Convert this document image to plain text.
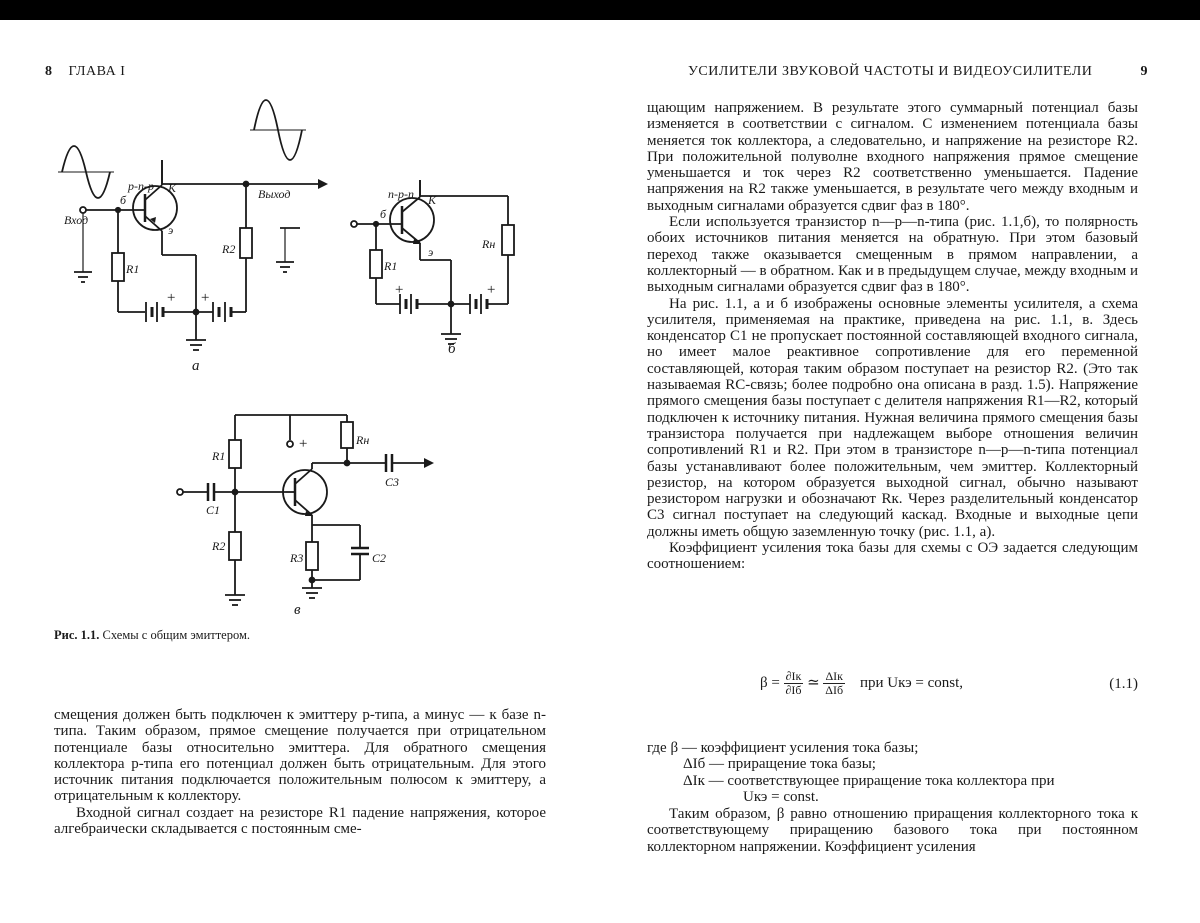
8 ГЛАВА I
p-n-p К
б
э
Вход
Выход
R1
R2
+ +
n-p-n К
б
э
R1
Rн
+	+
R1
R2
R3
Rн
C1
C2
C3
+
а
б
в
Рис. 1.1. Схемы с общим эмиттером.

смещения должен быть подключен к эмиттеру p-типа, а минус — к базе n-типа. Таким образом, прямое смещение получается при отрицательном потенциале базы относительно эмиттера. Для обратного смещения коллектора p-типа его потенциал должен быть отрицательным. Для этого источник питания подключается положительным полюсом к эмиттеру, а отрицательным к коллектору.

Входной сигнал создает на резисторе R1 падение напряжения, которое алгебраически складывается с постоянным сме-

УСИЛИТЕЛИ ЗВУКОВОЙ ЧАСТОТЫ И ВИДЕОУСИЛИТЕЛИ	9

щающим напряжением. В результате этого суммарный потенциал базы изменяется в соответствии с сигналом. С изменением потенциала базы меняется ток коллектора, а следовательно, и напряжение на резисторе R2. При положительной полуволне входного напряжения прямое смещение уменьшается и ток через R2 соответственно уменьшается. Падение напряжения на R2 также уменьшается, в результате чего между входным и выходным сигналами образуется сдвиг фаз в 180°.

Если используется транзистор n—p—n-типа (рис. 1.1,б), то полярность обоих источников питания меняется на обратную. При этом базовый переход также оказывается смещенным в прямом направлении, а коллекторный — в обратном. Как и в предыдущем случае, между входным и выходным сигналами образуется сдвиг фаз в 180°.

На рис. 1.1, а и б изображены основные элементы усилителя, а схема усилителя, применяемая на практике, приведена на рис. 1.1, в. Здесь конденсатор C1 не пропускает постоянной составляющей входного сигнала, но имеет малое реактивное сопротивление для его переменной составляющей, которая таким образом поступает на резистор R2. (Это так называемая RC-связь; более подробно она описана в разд. 1.5). Напряжение прямого смещения базы поступает с делителя напряжения R1—R2, который подключен к источнику питания. Нужная величина прямого смещения базы транзистора получается при надлежащем выборе отношения величин сопротивлений R1 и R2. При этом в транзисторе n—p—n-типа потенциал базы устанавливают более положительным, чем эмиттер. Коллекторный резистор, на котором образуется выходной сигнал, обычно называют резистором нагрузки и обозначают Rк. Через разделительный конденсатор C3 сигнал поступает на следующий каскад. Входные и выходные цепи должны иметь общую заземленную точку (рис. 1.1, а).

Коэффициент усиления тока базы для схемы с ОЭ задается следующим соотношением:

$\beta = \frac{\partial Iк}{\partial Iб}$ ≃ $\frac{\text{ΔIк}}{\text{ΔIб}}$ при Uкэ = const,	(1.1)
где β — коэффициент усиления тока базы;
ΔIб — приращение тока базы;
ΔIк — соответствующее приращение тока коллектора при
Uкэ = const.

Таким образом, β равно отношению приращения коллекторного тока к соответствующему приращению базового тока при постоянном коллекторном напряжении. Коэффициент усиления
